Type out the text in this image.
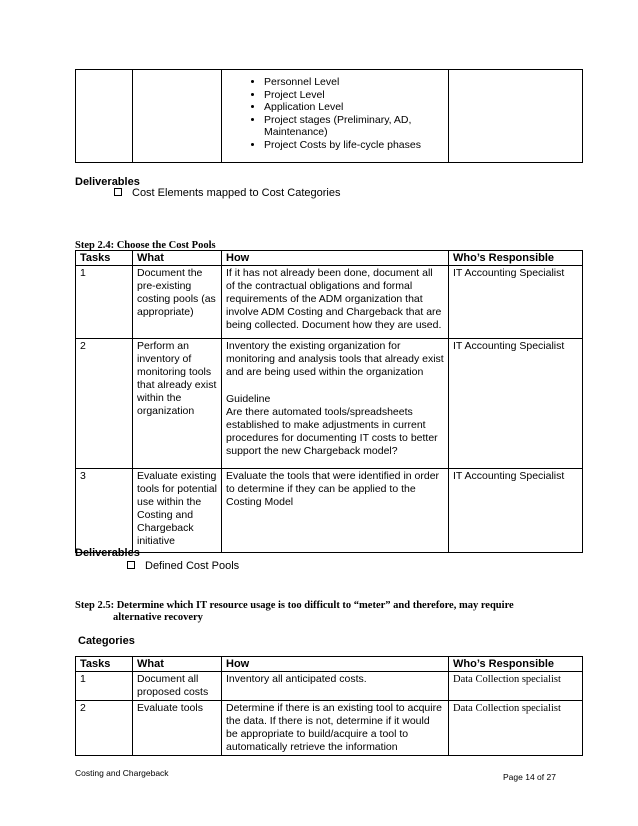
• Personnel Level
• Project Level
• Application Level
• Project stages (Preliminary, AD, Maintenance)
• Project Costs by life-cycle phases

Deliverables
Cost Elements mapped to Cost Categories
Step 2.4: Choose the Cost Pools
Tasks	What	How	Who’s Responsible
1	Document the pre-existing costing pools (as appropriate)	If it has not already been done, document all of the contractual obligations and formal requirements of the ADM organization that involve ADM Costing and Chargeback that are being collected. Document how they are used.	IT Accounting Specialist
2	Perform an inventory of monitoring tools that already exist within the organization	Inventory the existing organization for monitoring and analysis tools that already exist and are being used within the organization
Guideline
Are there automated tools/spreadsheets established to make adjustments in current procedures for documenting IT costs to better support the new Chargeback model?	IT Accounting Specialist
3	Evaluate existing tools for potential use within the Costing and Chargeback initiative	Evaluate the tools that were identified in order to determine if they can be applied to the Costing Model	IT Accounting Specialist
Deliverables
Defined Cost Pools
Step 2.5: Determine which IT resource usage is too difficult to “meter” and therefore, may require
alternative recovery
Categories
Tasks	What	How	Who’s Responsible
1	Document all proposed costs	Inventory all anticipated costs.	Data Collection specialist
2	Evaluate tools	Determine if there is an existing tool to acquire the data. If there is not, determine if it would be appropriate to build/acquire a tool to automatically retrieve the information	Data Collection specialist
Costing and Chargeback	Page 14 of 27
